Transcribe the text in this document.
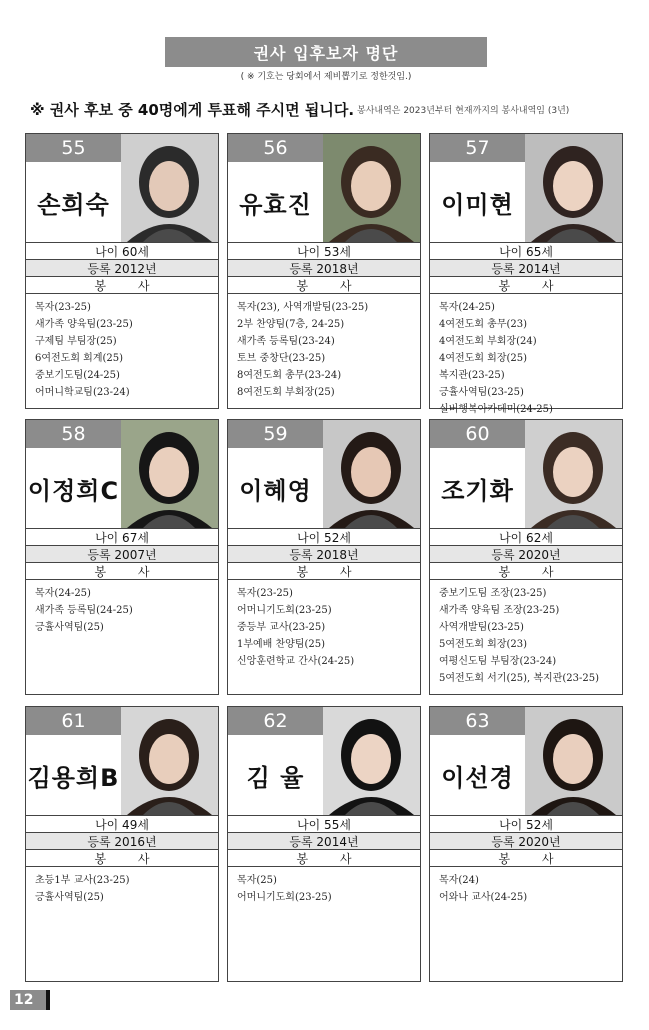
권사 입후보자 명단
( ※ 기호는 당회에서 제비뽑기로 정한것임.)
※ 권사 후보 중 40명에게 투표해 주시면 됩니다. 봉사내역은 2023년부터 현재까지의 봉사내역임 (3년)
55
손희숙
나이 60세
등록 2012년
봉 사
목자(23-25)
새가족 양육팀(23-25)
구제팀 부팀장(25)
6여전도회 회계(25)
중보기도팀(24-25)
어머니학교팀(23-24)
56
유효진
나이 53세
등록 2018년
봉 사
목자(23), 사역개발팀(23-25)
2부 찬양팀(7층, 24-25)
새가족 등록팀(23-24)
토브 중창단(23-25)
8여전도회 총무(23-24)
8여전도회 부회장(25)
57
이미현
나이 65세
등록 2014년
봉 사
목자(24-25)
4여전도회 총무(23)
4여전도회 부회장(24)
4여전도회 회장(25)
복지관(23-25)
긍휼사역팀(23-25)
실버행복아카데미(24-25)
58
이정희C
나이 67세
등록 2007년
봉 사
목자(24-25)
새가족 등록팀(24-25)
긍휼사역팀(25)
59
이혜영
나이 52세
등록 2018년
봉 사
목자(23-25)
어머니기도회(23-25)
중등부 교사(23-25)
1부예배 찬양팀(25)
신앙훈련학교 간사(24-25)
60
조기화
나이 62세
등록 2020년
봉 사
중보기도팀 조장(23-25)
새가족 양육팀 조장(23-25)
사역개발팀(23-25)
5여전도회 회장(23)
여평신도팀 부팀장(23-24)
5여전도회 서기(25), 복지관(23-25)
61
김용희B
나이 49세
등록 2016년
봉 사
초등1부 교사(23-25)
긍휼사역팀(25)
62
김 율
나이 55세
등록 2014년
봉 사
목자(25)
어머니기도회(23-25)
63
이선경
나이 52세
등록 2020년
봉 사
목자(24)
어와나 교사(24-25)
12
